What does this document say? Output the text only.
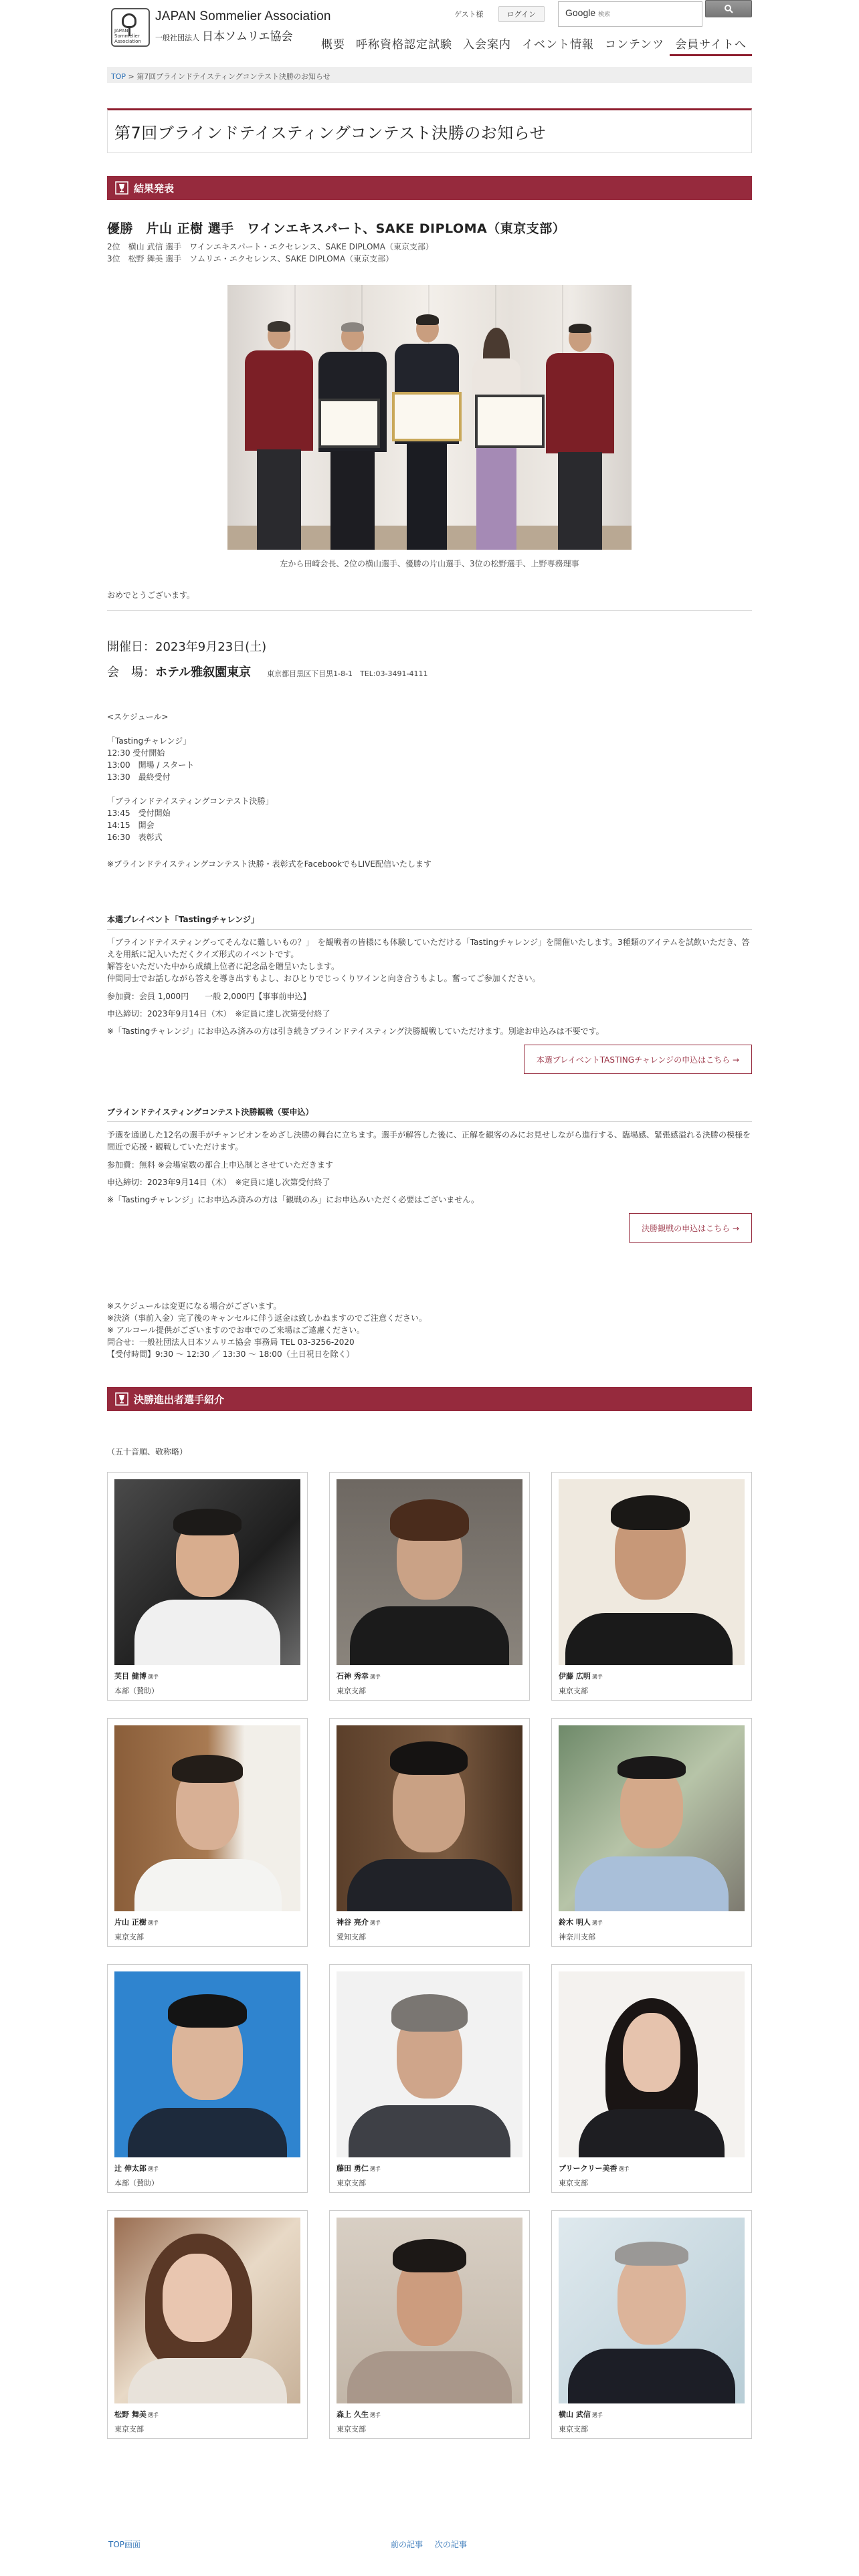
JAPAN Sommelier Association
JAPAN Sommelier Association
一般社団法人 日本ソムリエ協会
ゲスト様	ログイン	Google 検索
概要 呼称資格認定試験 入会案内 イベント情報 コンテンツ 会員サイトへ
TOP > 第7回ブラインドテイスティングコンテスト決勝のお知らせ
第7回ブラインドテイスティングコンテスト決勝のお知らせ
結果発表
優勝　片山 正樹 選手　ワインエキスパート、SAKE DIPLOMA（東京支部）
2位　横山 武信 選手　ワインエキスパート・エクセレンス、SAKE DIPLOMA（東京支部）
3位　松野 舞美 選手　ソムリエ・エクセレンス、SAKE DIPLOMA（東京支部）
左から田崎会長、2位の横山選手、優勝の片山選手、3位の松野選手、上野専務理事
おめでとうございます。
開催日：2023年9月23日(土)
会　場： ホテル雅叙園東京 東京都目黒区下目黒1-8-1　TEL:03-3491-4111
<スケジュール>
「Tastingチャレンジ」
12:30 受付開始
13:00　開場 / スタート
13:30　最終受付
「ブラインドテイスティングコンテスト決勝」
13:45　受付開始
14:15　開会
16:30　表彰式
※ブラインドテイスティングコンテスト決勝・表彰式をFacebookでもLIVE配信いたします
本選プレイベント「Tastingチャレンジ」
「ブラインドテイスティングってそんなに難しいもの？」　を観戦者の皆様にも体験していただける「Tastingチャレンジ」を開催いたします。3種類のアイテムを試飲いただき、答えを用紙に記入いただくクイズ形式のイベントです。
解答をいただいた中から成績上位者に記念品を贈呈いたします。
仲間同士でお話しながら答えを導き出すもよし、おひとりでじっくりワインと向き合うもよし。奮ってご参加ください。
参加費：会員 1,000円　　一般 2,000円【事事前申込】
申込締切：2023年9月14日（木）　※定員に達し次第受付終了
※「Tastingチャレンジ」にお申込み済みの方は引き続きブラインドテイスティング決勝観戦していただけます。別途お申込みは不要です。
本選プレイベントTASTINGチャレンジの申込はこちら →
ブラインドテイスティングコンテスト決勝観戦（要申込）
予選を通過した12名の選手がチャンピオンをめざし決勝の舞台に立ちます。選手が解答した後に、正解を観客のみにお見せしながら進行する、臨場感、緊張感溢れる決勝の模様を間近で応援・観戦していただけます。
参加費：無料 ※会場室数の都合上申込制とさせていただきます
申込締切：2023年9月14日（木）　※定員に達し次第受付終了
※「Tastingチャレンジ」にお申込み済みの方は「観戦のみ」にお申込みいただく必要はございません。
決勝観戦の申込はこちら →
※スケジュールは変更になる場合がございます。
※決済（事前入金）完了後のキャンセルに伴う返金は致しかねますのでご注意ください。
※ アルコール提供がございますのでお車でのご来場はご遠慮ください。
問合せ：一般社団法人日本ソムリエ協会 事務局 TEL 03-3256-2020
【受付時間】9:30 ～ 12:30 ／ 13:30 ～ 18:00（土日祝日を除く）
決勝進出者選手紹介
（五十音順、敬称略）
芙目 健博 選手
本部（賛助）
石神 秀幸 選手
東京支部
伊藤 広明 選手
東京支部
片山 正樹 選手
東京支部
神谷 亮介 選手
愛知支部
鈴木 明人 選手
神奈川支部
辻 伸太郎 選手
本部（賛助）
藤田 勇仁 選手
東京支部
プリークリー美香 選手
東京支部
松野 舞美 選手
東京支部
森上 久生 選手
東京支部
横山 武信 選手
東京支部
TOP画面	前の記事 次の記事
